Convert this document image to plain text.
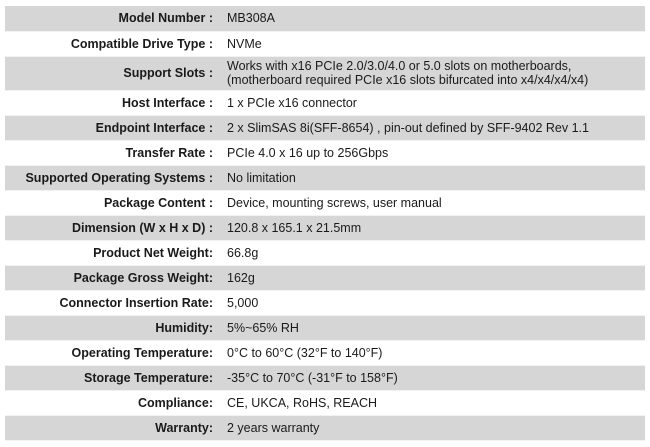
Model Number :	MB308A
Compatible Drive Type :	NVMe
Support Slots :	Works with x16 PCIe 2.0/3.0/4.0 or 5.0 slots on motherboards,
(motherboard required PCIe x16 slots bifurcated into x4/x4/x4/x4)

Host Interface :	1 x PCIe x16 connector
Endpoint Interface :	2 x SlimSAS 8i(SFF-8654) , pin-out defined by SFF-9402 Rev 1.1
Transfer Rate :	PCIe 4.0 x 16 up to 256Gbps
Supported Operating Systems :	No limitation
Package Content :	Device, mounting screws, user manual
Dimension (W x H x D) :	120.8 x 165.1 x 21.5mm
Product Net Weight:	66.8g
Package Gross Weight:	162g
Connector Insertion Rate:	5,000
Humidity:	5%~65% RH
Operating Temperature:	0°C to 60°C (32°F to 140°F)
Storage Temperature:	-35°C to 70°C (-31°F to 158°F)
Compliance:	CE, UKCA, RoHS, REACH
Warranty:	2 years warranty
